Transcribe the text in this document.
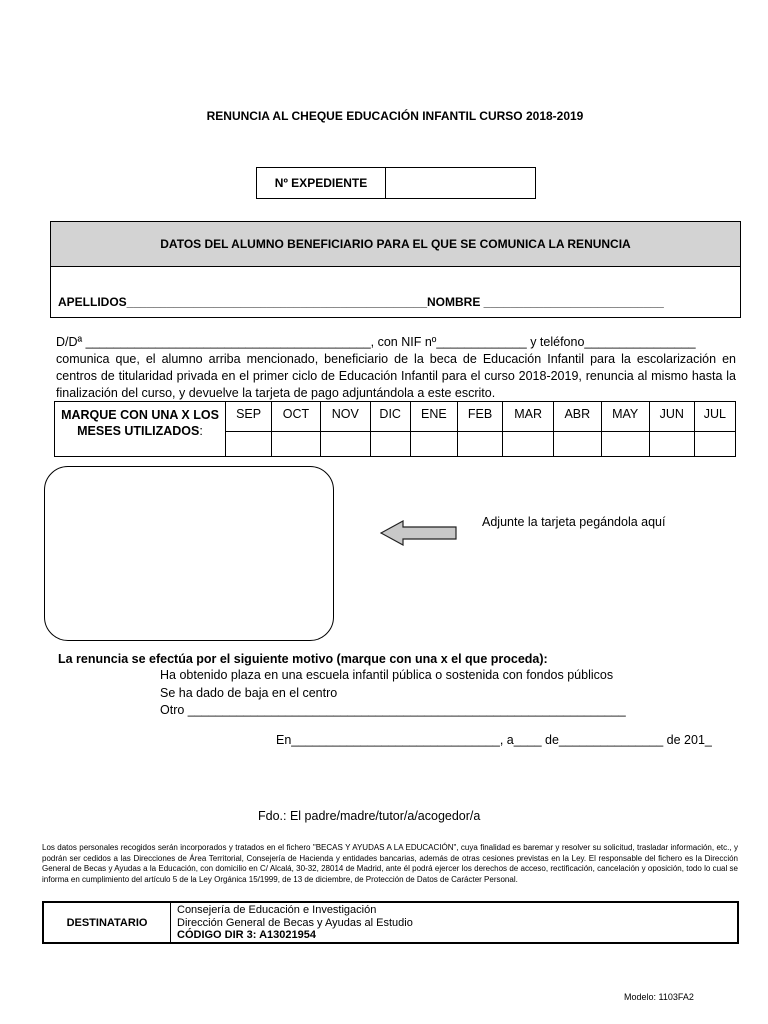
RENUNCIA AL CHEQUE EDUCACIÓN INFANTIL CURSO 2018-2019
Nº EXPEDIENTE
DATOS DEL ALUMNO BENEFICIARIO PARA EL QUE SE COMUNICA LA RENUNCIA
APELLIDOS_____________________________________________NOMBRE ___________________________
D/Dª _________________________________________, con NIF nº_____________ y teléfono________________
comunica que, el alumno arriba mencionado, beneficiario de la beca de Educación Infantil para la escolarización en centros de titularidad privada en el primer ciclo de Educación Infantil para el curso 2018-2019, renuncia al mismo hasta la finalización del curso, y devuelve la tarjeta de pago adjuntándola a este escrito.
MARQUE CON UNA X LOS MESES UTILIZADOS:	SEP	OCT	NOV	DIC	ENE	FEB	MAR	ABR	MAY	JUN	JUL

Adjunte la tarjeta pegándola aquí
La renuncia se efectúa por el siguiente motivo (marque con una x el que proceda):
Ha obtenido plaza en una escuela infantil pública o sostenida con fondos públicos
Se ha dado de baja en el centro
Otro _______________________________________________________________
En______________________________, a____ de_______________ de 201_
Fdo.: El padre/madre/tutor/a/acogedor/a
Los datos personales recogidos serán incorporados y tratados en el fichero "BECAS Y AYUDAS A LA EDUCACIÓN", cuya finalidad es baremar y resolver su solicitud, trasladar información, etc., y podrán ser cedidos a las Direcciones de Área Territorial, Consejería de Hacienda y entidades bancarias, además de otras cesiones previstas en la Ley. El responsable del fichero es la Dirección General de Becas y Ayudas a la Educación, con domicilio en C/ Alcalá, 30-32, 28014 de Madrid, ante él podrá ejercer los derechos de acceso, rectificación, cancelación y oposición, todo lo cual se informa en cumplimiento del artículo 5 de la Ley Orgánica 15/1999, de 13 de diciembre, de Protección de Datos de Carácter Personal.
DESTINATARIO
Consejería de Educación e Investigación
Dirección General de Becas y Ayudas al Estudio
CÓDIGO DIR 3: A13021954
Modelo: 1103FA2
